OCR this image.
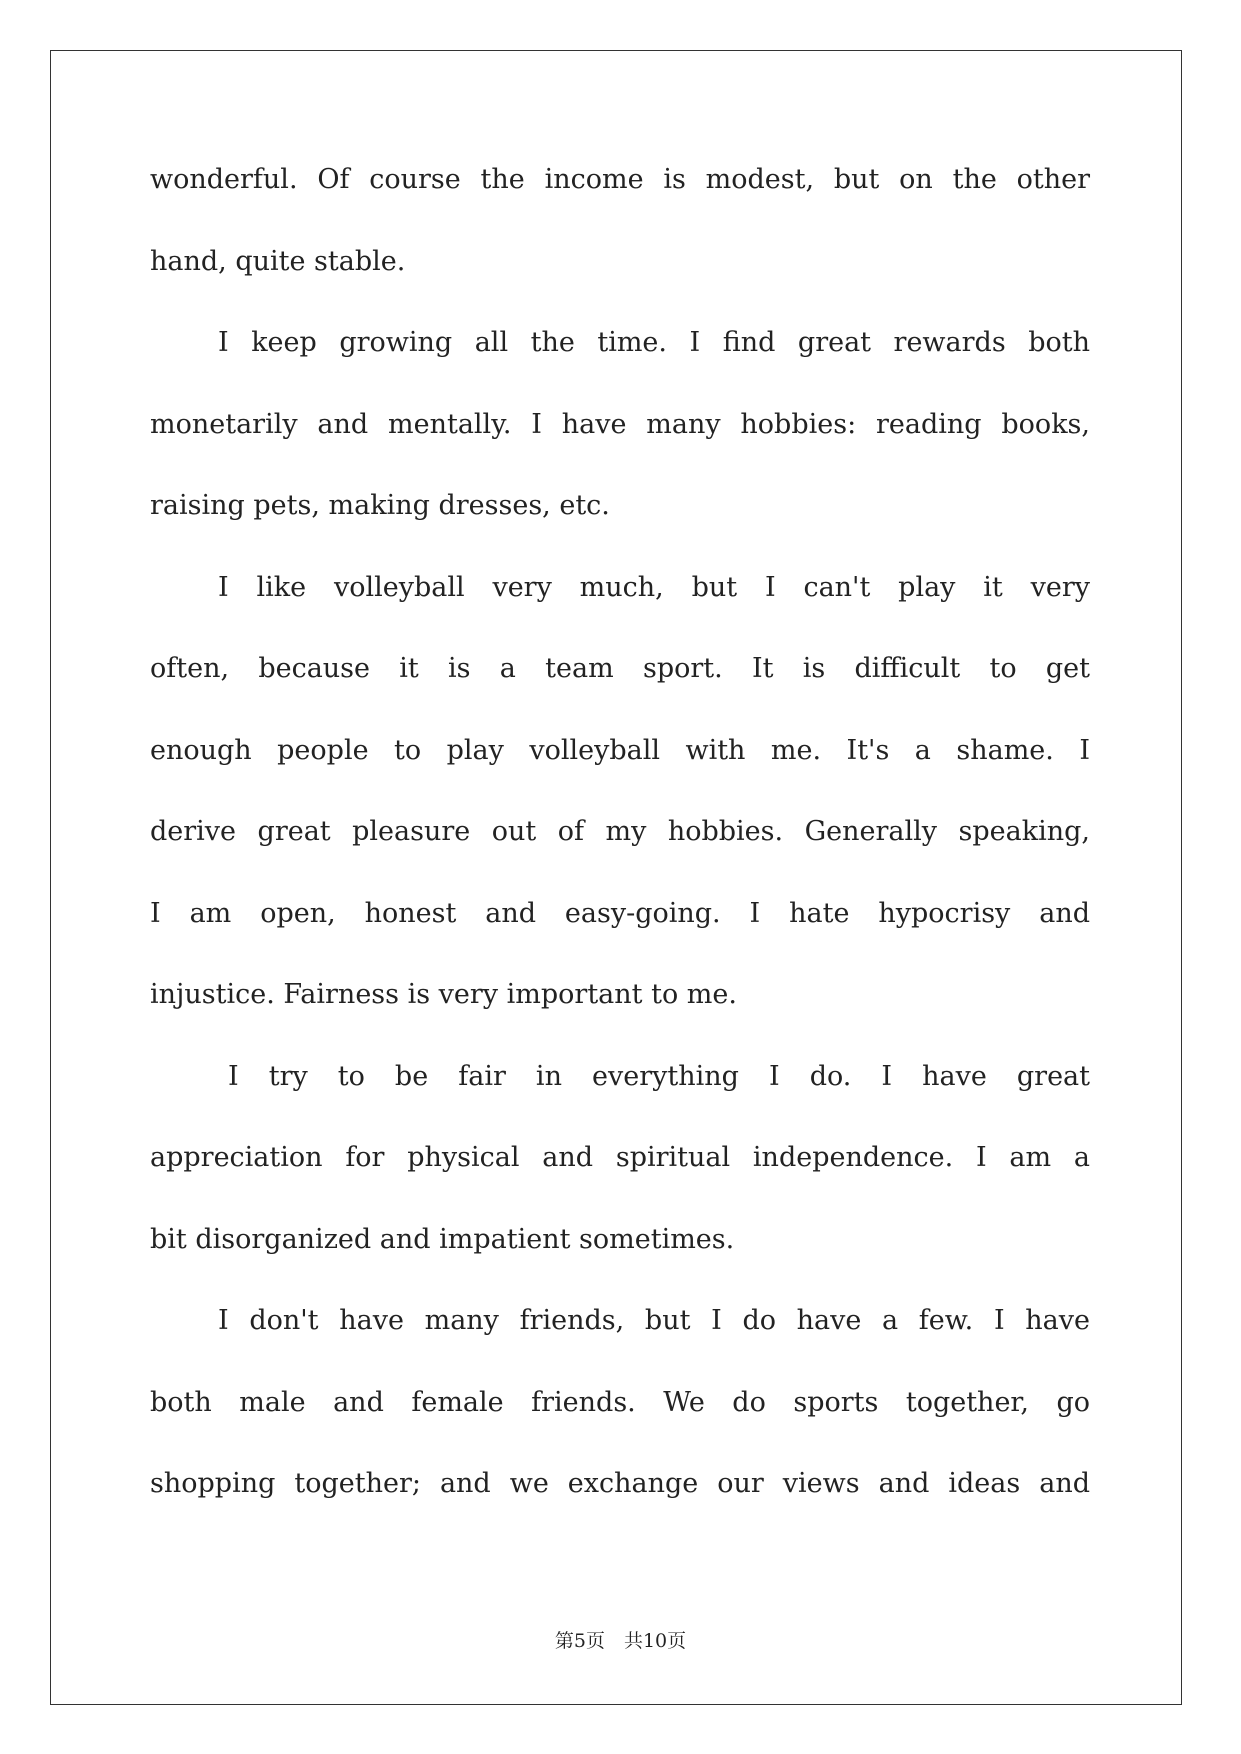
wonderful. Of course the income is modest, but on the other
hand, quite stable.
I keep growing all the time. I find great rewards both
monetarily and mentally. I have many hobbies: reading books,
raising pets, making dresses, etc.
I like volleyball very much, but I can't play it very
often, because it is a team sport. It is difficult to get
enough people to play volleyball with me. It's a shame. I
derive great pleasure out of my hobbies. Generally speaking,
I am open, honest and easy-going. I hate hypocrisy and
injustice. Fairness is very important to me.
I try to be fair in everything I do. I have great
appreciation for physical and spiritual independence. I am a
bit disorganized and impatient sometimes.
I don't have many friends, but I do have a few. I have
both male and female friends. We do sports together, go
shopping together; and we exchange our views and ideas and
第5页　共10页
